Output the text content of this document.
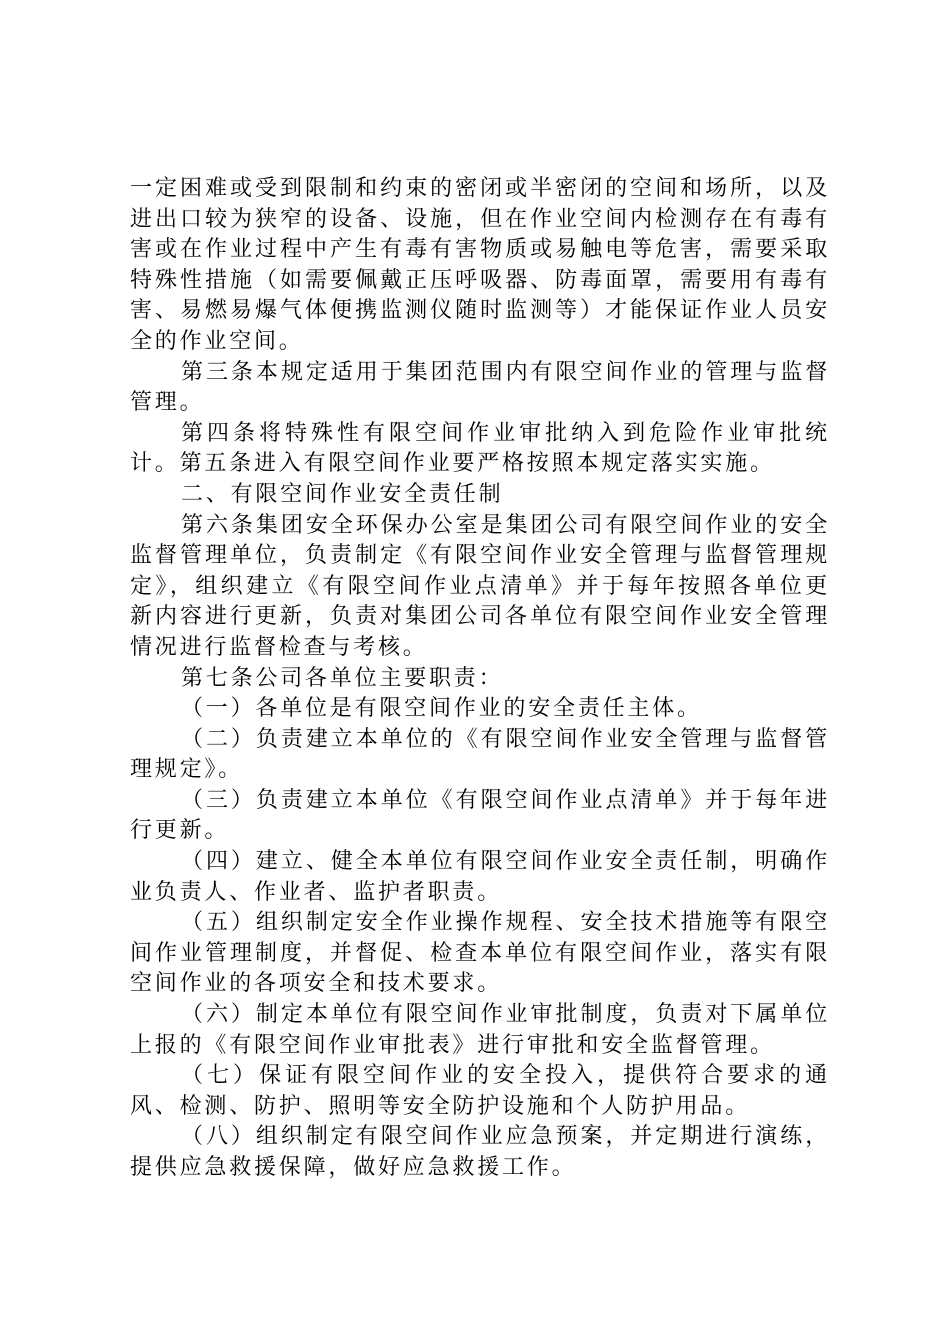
一定困难或受到限制和约束的密闭或半密闭的空间和场所，以及进出口较为狭窄的设备、设施，但在作业空间内检测存在有毒有害或在作业过程中产生有毒有害物质或易触电等危害，需要采取特殊性措施（如需要佩戴正压呼吸器、防毒面罩，需要用有毒有害、易燃易爆气体便携监测仪随时监测等）才能保证作业人员安全的作业空间。

第三条本规定适用于集团范围内有限空间作业的管理与监督管理。

第四条将特殊性有限空间作业审批纳入到危险作业审批统计。第五条进入有限空间作业要严格按照本规定落实实施。

二、有限空间作业安全责任制

第六条集团安全环保办公室是集团公司有限空间作业的安全监督管理单位，负责制定《有限空间作业安全管理与监督管理规定》，组织建立《有限空间作业点清单》并于每年按照各单位更新内容进行更新，负责对集团公司各单位有限空间作业安全管理情况进行监督检查与考核。

第七条公司各单位主要职责：

（一）各单位是有限空间作业的安全责任主体。

（二）负责建立本单位的《有限空间作业安全管理与监督管理规定》。

（三）负责建立本单位《有限空间作业点清单》并于每年进行更新。

（四）建立、健全本单位有限空间作业安全责任制，明确作业负责人、作业者、监护者职责。

（五）组织制定安全作业操作规程、安全技术措施等有限空间作业管理制度，并督促、检查本单位有限空间作业，落实有限空间作业的各项安全和技术要求。

（六）制定本单位有限空间作业审批制度，负责对下属单位上报的《有限空间作业审批表》进行审批和安全监督管理。

（七）保证有限空间作业的安全投入，提供符合要求的通风、检测、防护、照明等安全防护设施和个人防护用品。

（八）组织制定有限空间作业应急预案，并定期进行演练，提供应急救援保障，做好应急救援工作。
